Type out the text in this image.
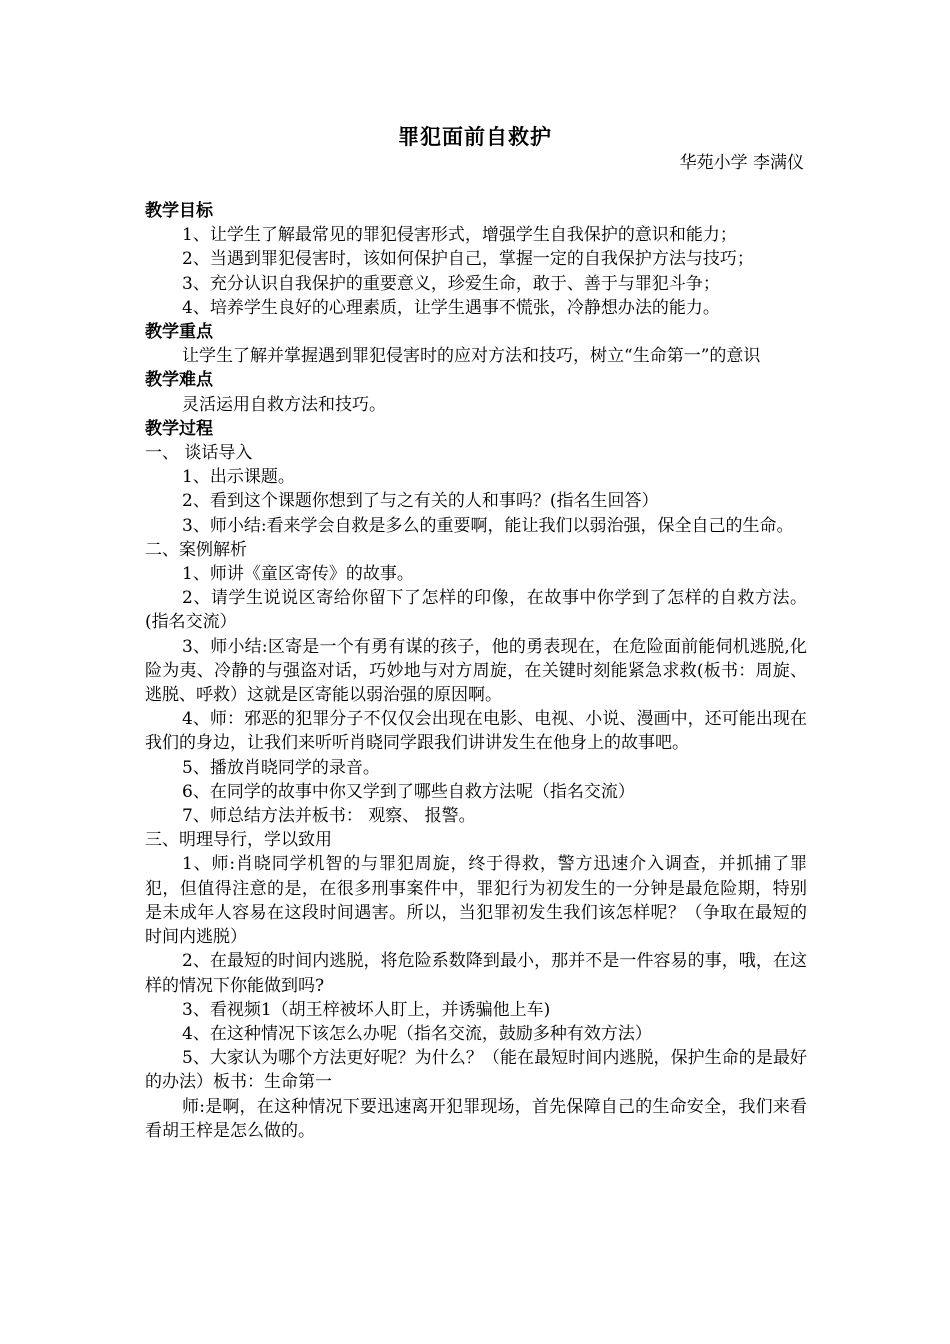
罪犯面前自救护
华苑小学 李满仪

教学目标

1、让学生了解最常见的罪犯侵害形式，增强学生自我保护的意识和能力；

2、当遇到罪犯侵害时，该如何保护自己，掌握一定的自我保护方法与技巧；

3、充分认识自我保护的重要意义，珍爱生命，敢于、善于与罪犯斗争；

4、培养学生良好的心理素质，让学生遇事不慌张，冷静想办法的能力。

教学重点

让学生了解并掌握遇到罪犯侵害时的应对方法和技巧，树立“生命第一”的意识

教学难点

灵活运用自救方法和技巧。

教学过程

一、 谈话导入

1、出示课题。

2、看到这个课题你想到了与之有关的人和事吗？(指名生回答）

3、师小结:看来学会自救是多么的重要啊，能让我们以弱治强，保全自己的生命。

二、案例解析

1、师讲《童区寄传》的故事。

2、请学生说说区寄给你留下了怎样的印像，在故事中你学到了怎样的自救方法。(指名交流）

3、师小结:区寄是一个有勇有谋的孩子，他的勇表现在，在危险面前能伺机逃脱,化险为夷、冷静的与强盗对话，巧妙地与对方周旋，在关键时刻能紧急求救(板书：周旋、逃脱、呼救）这就是区寄能以弱治强的原因啊。

4、师：邪恶的犯罪分子不仅仅会出现在电影、电视、小说、漫画中，还可能出现在我们的身边，让我们来听听肖晓同学跟我们讲讲发生在他身上的故事吧。

5、播放肖晓同学的录音。

6、在同学的故事中你又学到了哪些自救方法呢（指名交流）

7、师总结方法并板书： 观察、 报警。

三、明理导行，学以致用

1、师:肖晓同学机智的与罪犯周旋，终于得救，警方迅速介入调查，并抓捕了罪犯，但值得注意的是，在很多刑事案件中，罪犯行为初发生的一分钟是最危险期，特别是未成年人容易在这段时间遇害。所以，当犯罪初发生我们该怎样呢？（争取在最短的时间内逃脱）

2、在最短的时间内逃脱，将危险系数降到最小，那并不是一件容易的事，哦，在这样的情况下你能做到吗?

3、看视频1（胡王梓被坏人盯上，并诱骗他上车)

4、在这种情况下该怎么办呢（指名交流，鼓励多种有效方法）

5、大家认为哪个方法更好呢？为什么？（能在最短时间内逃脱，保护生命的是最好的办法）板书：生命第一

师:是啊，在这种情况下要迅速离开犯罪现场，首先保障自己的生命安全，我们来看看胡王梓是怎么做的。
